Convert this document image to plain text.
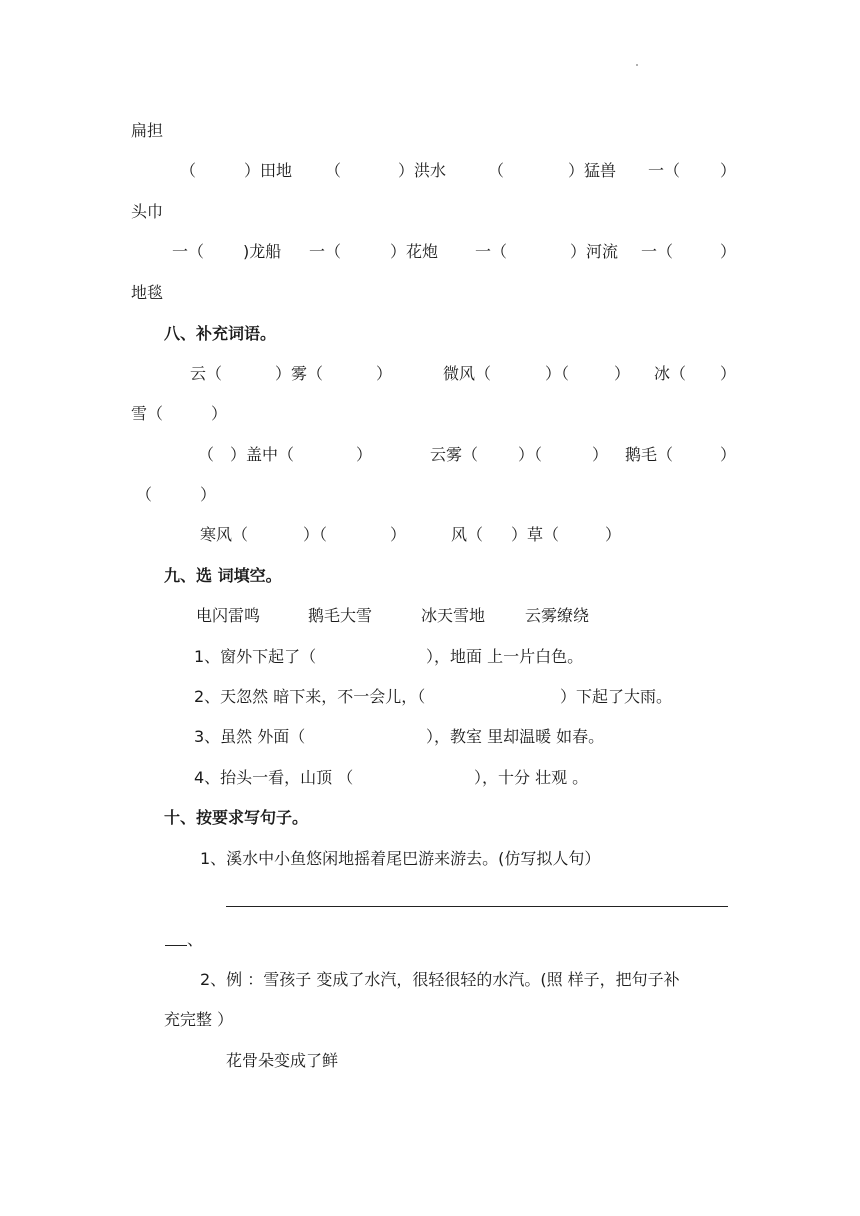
扁担
（	）田地 （	）洪水	（	）猛兽 一（ ）
头巾
一（ )龙船 一（	）花炮 一（	）河流 一（	）
地毯
八、补充词语。
云（	）雾（	）	微风（	）（	） 冰（ ）
雪（　　　）
（ ）盖中（	）	云雾（ ）（	） 鹅毛（	）
（　　　）
寒风（	）（	）	风（ ）草（	）
九、选 词填空。
电闪雷鸣	鹅毛大雪	冰天雪地 云雾缭绕
1、窗外下起了（	），地面 上一片白色。
2、天忽然 暗下来，不一会儿，（	）下起了大雨。
3、虽然 外面（	），教室 里却温暖 如春。
4、抬头一看，山顶 （	），十分 壮观 。
十、按要求写句子。
1、溪水中小鱼悠闲地摇着尾巴游来游去。(仿写拟人句）
、
2、例 ：雪孩子 变成了水汽，很轻很轻的水汽。(照 样子，把句子补
充完整 ）
花骨朵变成了鲜
